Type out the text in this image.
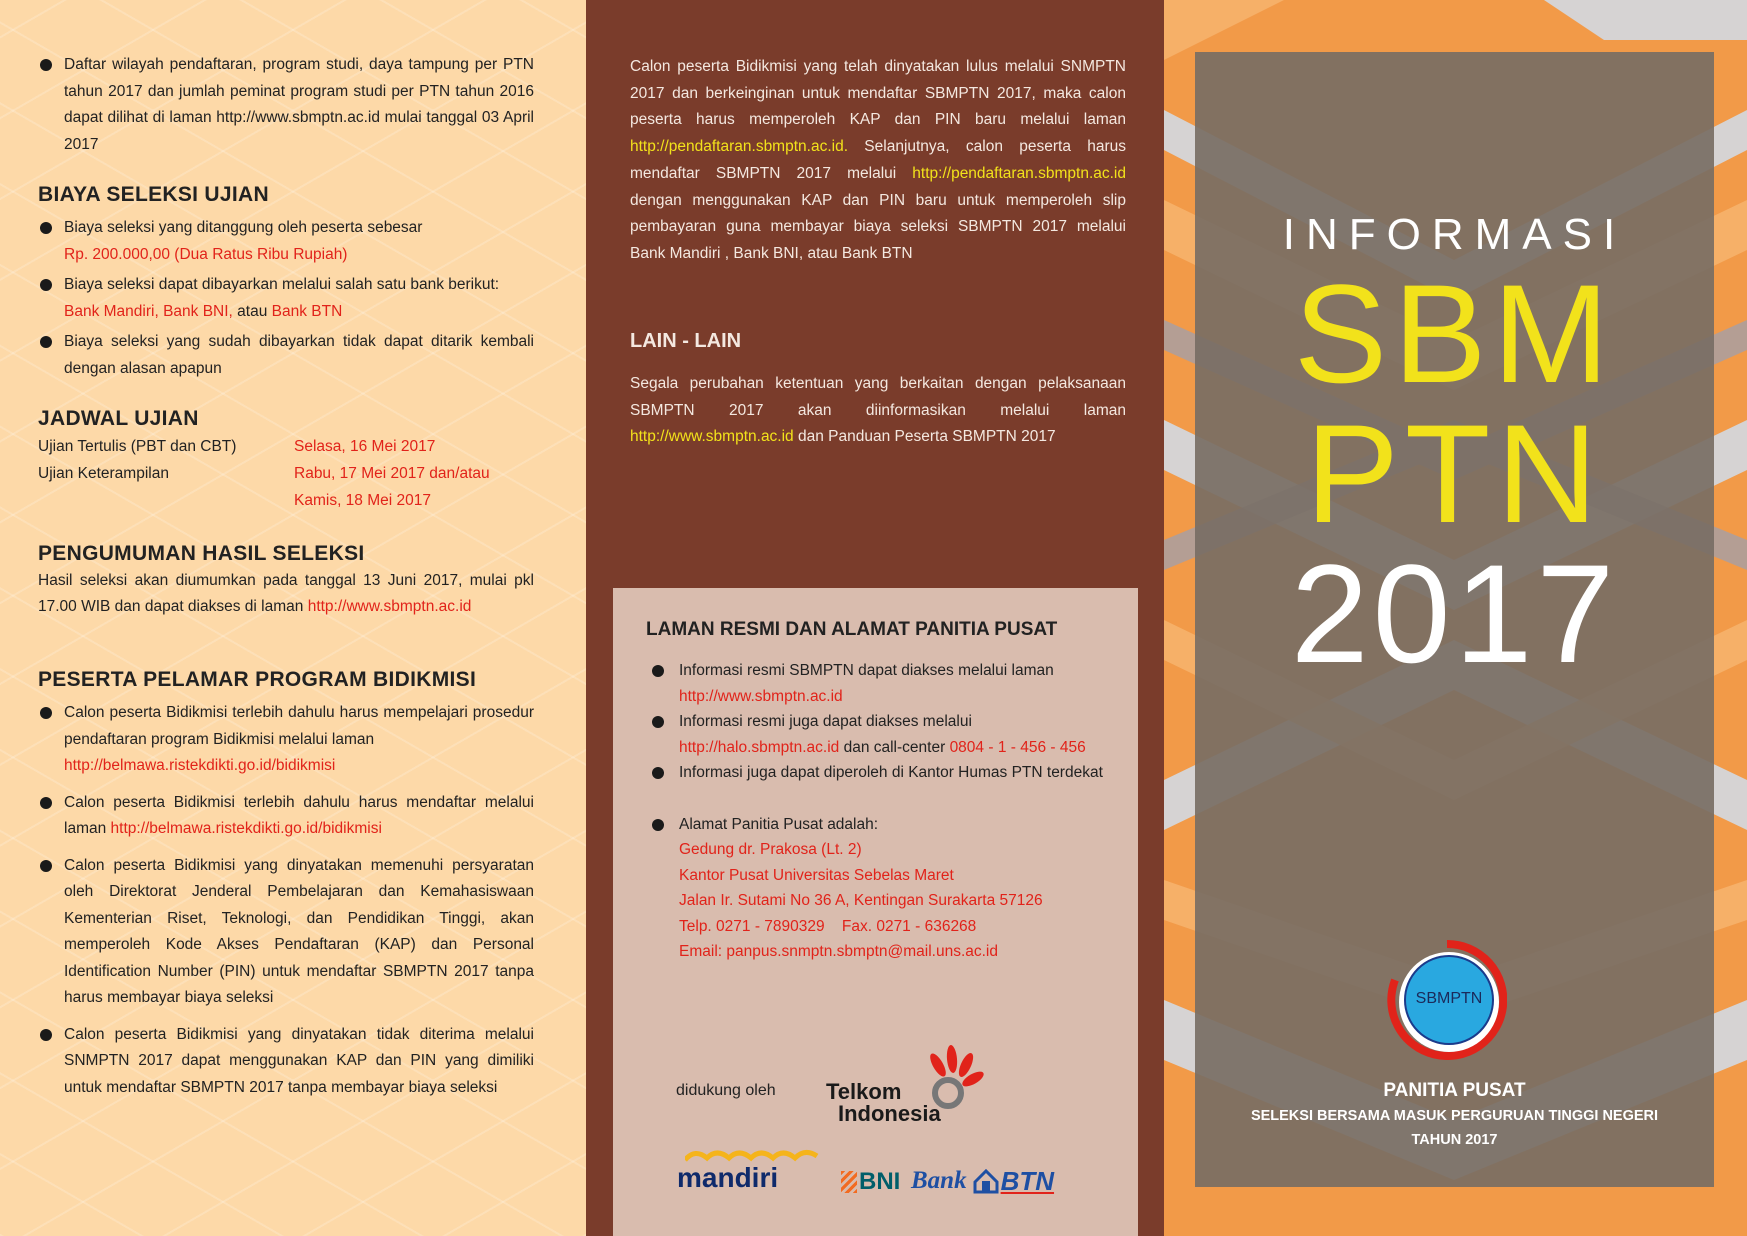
Daftar wilayah pendaftaran, program studi, daya tampung per PTN tahun 2017 dan jumlah peminat program studi per PTN tahun 2016 dapat dilihat di laman http://www.sbmptn.ac.id mulai tanggal 03 April 2017
BIAYA SELEKSI UJIAN
Biaya seleksi yang ditanggung oleh peserta sebesar
Rp. 200.000,00 (Dua Ratus Ribu Rupiah)
Biaya seleksi dapat dibayarkan melalui salah satu bank berikut:
Bank Mandiri, Bank BNI, atau Bank BTN
Biaya seleksi yang sudah dibayarkan tidak dapat ditarik kembali dengan alasan apapun
JADWAL UJIAN
Ujian Tertulis (PBT dan CBT)	Selasa, 16 Mei 2017
Ujian Keterampilan	Rabu, 17 Mei 2017 dan/atau
Kamis, 18 Mei 2017
PENGUMUMAN HASIL SELEKSI
Hasil seleksi akan diumumkan pada tanggal 13 Juni 2017, mulai pkl 17.00 WIB dan dapat diakses di laman http://www.sbmptn.ac.id
PESERTA PELAMAR PROGRAM BIDIKMISI
Calon peserta Bidikmisi terlebih dahulu harus mempelajari prosedur pendaftaran program Bidikmisi melalui laman
http://belmawa.ristekdikti.go.id/bidikmisi
Calon peserta Bidikmisi terlebih dahulu harus mendaftar melalui laman http://belmawa.ristekdikti.go.id/bidikmisi
Calon peserta Bidikmisi yang dinyatakan memenuhi persyaratan oleh Direktorat Jenderal Pembelajaran dan Kemahasiswaan Kementerian Riset, Teknologi, dan Pendidikan Tinggi, akan memperoleh Kode Akses Pendaftaran (KAP) dan Personal Identification Number (PIN) untuk mendaftar SBMPTN 2017 tanpa harus membayar biaya seleksi
Calon peserta Bidikmisi yang dinyatakan tidak diterima melalui SNMPTN 2017 dapat menggunakan KAP dan PIN yang dimiliki untuk mendaftar SBMPTN 2017 tanpa membayar biaya seleksi
Calon peserta Bidikmisi yang telah dinyatakan lulus melalui SNMPTN 2017 dan berkeinginan untuk mendaftar SBMPTN 2017, maka calon peserta harus memperoleh KAP dan PIN baru melalui laman http://pendaftaran.sbmptn.ac.id. Selanjutnya, calon peserta harus mendaftar SBMPTN 2017 melalui http://pendaftaran.sbmptn.ac.id dengan menggunakan KAP dan PIN baru untuk memperoleh slip pembayaran guna membayar biaya seleksi SBMPTN 2017 melalui Bank Mandiri , Bank BNI, atau Bank BTN
LAIN - LAIN
Segala perubahan ketentuan yang berkaitan dengan pelaksanaan SBMPTN 2017 akan diinformasikan melalui laman http://www.sbmptn.ac.id dan Panduan Peserta SBMPTN 2017
LAMAN RESMI DAN ALAMAT PANITIA PUSAT
Informasi resmi SBMPTN dapat diakses melalui laman
http://www.sbmptn.ac.id
Informasi resmi juga dapat diakses melalui
http://halo.sbmptn.ac.id dan call-center 0804 - 1 - 456 - 456
Informasi juga dapat diperoleh di Kantor Humas PTN terdekat
Alamat Panitia Pusat adalah:
Gedung dr. Prakosa (Lt. 2)
Kantor Pusat Universitas Sebelas Maret
Jalan Ir. Sutami No 36 A, Kentingan Surakarta 57126
Telp. 0271 - 7890329    Fax. 0271 - 636268
Email: panpus.snmptn.sbmptn@mail.uns.ac.id
didukung oleh Telkom
Indonesia
mandiri	BNI Bank BTN
INFORMASI
SBM
PTN
2017
SBMPTN
PANITIA PUSAT
SELEKSI BERSAMA MASUK PERGURUAN TINGGI NEGERI
TAHUN 2017
